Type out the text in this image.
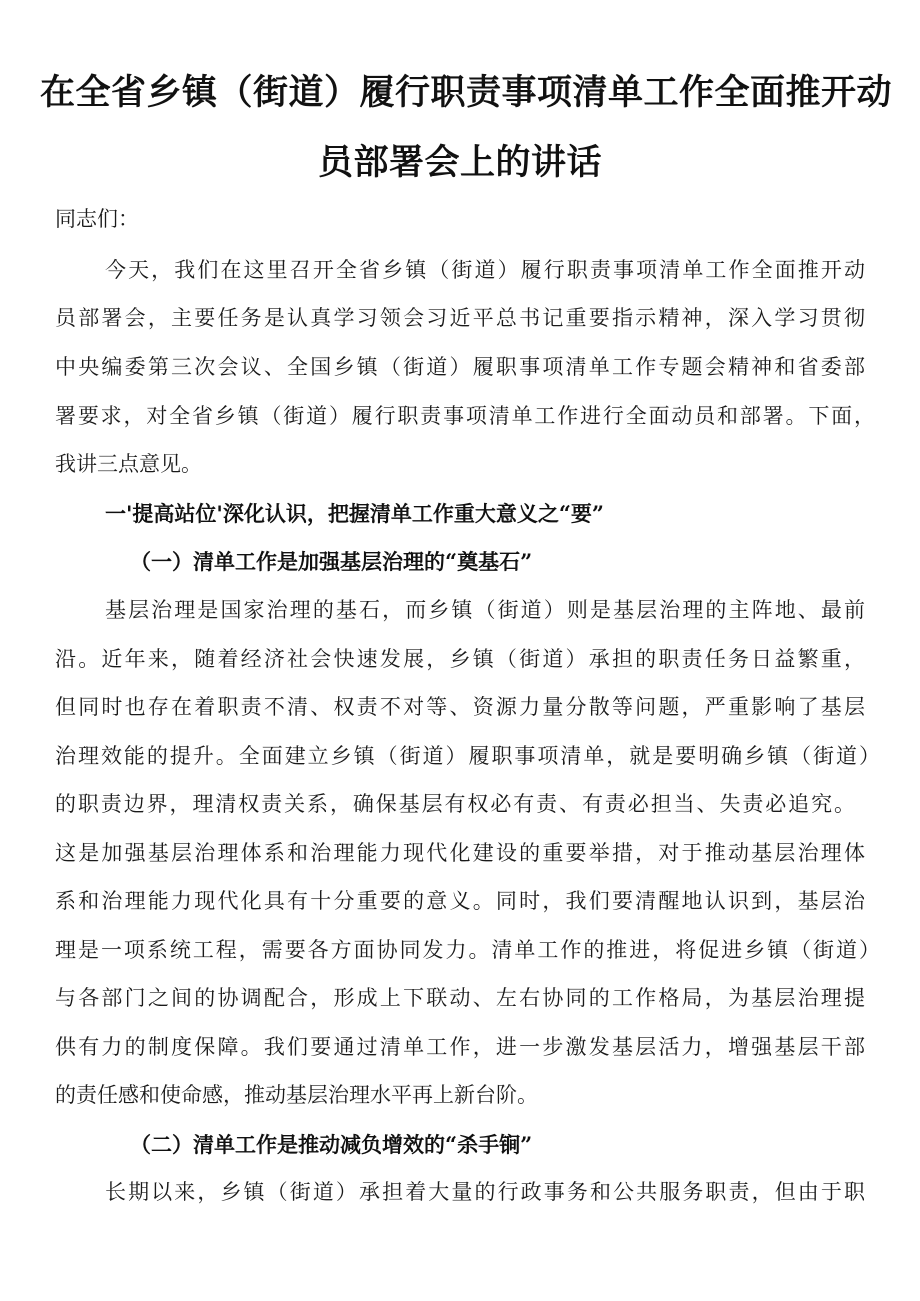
在全省乡镇（街道）履行职责事项清单工作全面推开动
员部署会上的讲话
同志们：
今天，我们在这里召开全省乡镇（街道）履行职责事项清单工作全面推开动
员部署会，主要任务是认真学习领会习近平总书记重要指示精神，深入学习贯彻
中央编委第三次会议、全国乡镇（街道）履职事项清单工作专题会精神和省委部
署要求，对全省乡镇（街道）履行职责事项清单工作进行全面动员和部署。下面，
我讲三点意见。
一'提高站位'深化认识，把握清单工作重大意义之“要”
（一）清单工作是加强基层治理的“奠基石”
基层治理是国家治理的基石，而乡镇（街道）则是基层治理的主阵地、最前
沿。近年来，随着经济社会快速发展，乡镇（街道）承担的职责任务日益繁重，
但同时也存在着职责不清、权责不对等、资源力量分散等问题，严重影响了基层
治理效能的提升。全面建立乡镇（街道）履职事项清单，就是要明确乡镇（街道）
的职责边界，理清权责关系，确保基层有权必有责、有责必担当、失责必追究。
这是加强基层治理体系和治理能力现代化建设的重要举措，对于推动基层治理体
系和治理能力现代化具有十分重要的意义。同时，我们要清醒地认识到，基层治
理是一项系统工程，需要各方面协同发力。清单工作的推进，将促进乡镇（街道）
与各部门之间的协调配合，形成上下联动、左右协同的工作格局，为基层治理提
供有力的制度保障。我们要通过清单工作，进一步激发基层活力，增强基层干部
的责任感和使命感，推动基层治理水平再上新台阶。
（二）清单工作是推动减负增效的“杀手锏”
长期以来，乡镇（街道）承担着大量的行政事务和公共服务职责，但由于职
